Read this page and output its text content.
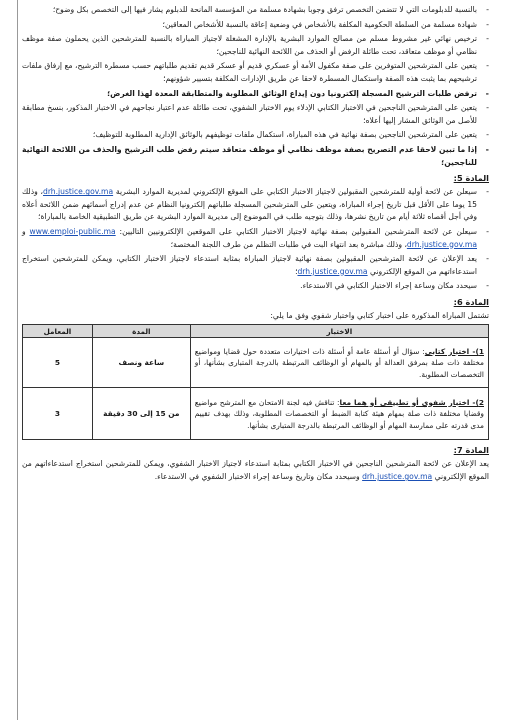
-
بالنسبة للدبلومات التي لا تتضمن التخصص ترفق وجوبا بشهادة مسلمة من المؤسسة المانحة للدبلوم يشار فيها إلى التخصص بكل وضوح؛
-
شهادة مسلمة من السلطة الحكومية المكلفة بالأشخاص في وضعية إعاقة بالنسبة للأشخاص المعاقين؛
-
ترخيص نهائي غير مشروط مسلم من مصالح الموارد البشرية بالإدارة المشغلة لاجتياز المباراة بالنسبة للمترشحين الذين يحملون صفة موظف نظامي أو موظف متعاقد، تحت طائلة الرفض أو الحذف من اللائحة النهائية للناجحين؛
-
يتعين على المترشحين المتوفرين على صفة مكفول الأمة أو عسكري قديم أو عسكر قديم تقديم طلباتهم حسب مسطرة الترشيح، مع إرفاق ملفات ترشيحهم بما يثبت هذه الصفة واستكمال المسطرة لاحقا عن طريق الإدارات المكلفة بتسيير شؤونهم؛
-
ترفض طلبات الترشيح المسجلة إلكترونيا دون إيداع الوثائق المطلوبة والمتطابقة المعدة لهذا الغرض؛
-
يتعين على المترشحين الناجحين في الاختبار الكتابي الإدلاء يوم الاختبار الشفوي، تحت طائلة عدم اعتبار نجاحهم في الاختبار المذكور، بنسخ مطابقة للأصل من الوثائق المشار إليها أعلاه؛
-
يتعين على المترشحين الناجحين بصفة نهائية في هذه المباراة، استكمال ملفات توظيفهم بالوثائق الإدارية المطلوبة للتوظيف؛
-
إذا ما تبين لاحقا عدم التصريح بصفة موظف نظامي أو موظف متعاقد سيتم رفض طلب الترشيح والحذف من اللائحة النهائية للناجحين؛
المادة 5:
-
سيعلن عن لائحة أولية للمترشحين المقبولين لاجتياز الاختبار الكتابي على الموقع الإلكتروني لمديرية الموارد البشرية drh.justice.gov.ma، وذلك 15 يوما على الأقل قبل تاريخ إجراء المباراة، ويتعين على المترشحين المسجلة طلباتهم إلكترونيا النظام عن عدم إدراج أسمائهم ضمن اللائحة أعلاه وفي أجل أقصاه ثلاثة أيام من تاريخ نشرها، وذلك بتوجيه طلب في الموضوع إلى مديرية الموارد البشرية عن طريق التطبيقية الخاصة بالمباراة؛
-
سيعلن عن لائحة المترشحين المقبولين بصفة نهائية لاجتياز الاختبار الكتابي على الموقعين الإلكترونيين التاليين: www.emploi-public.ma و drh.justice.gov.ma، وذلك مباشرة بعد انتهاء البت في طلبات التظلم من طرف اللجنة المختصة؛
-
يعد الإعلان عن لائحة المترشحين المقبولين بصفة نهائية لاجتياز المباراة بمثابة استدعاء لاجتياز الاختبار الكتابي، ويمكن للمترشحين استخراج استدعاءاتهم من الموقع الإلكتروني drh.justice.gov.ma؛
-
سيحدد مكان وساعة إجراء الاختبار الكتابي في الاستدعاء.
المادة 6:
تشتمل المباراة المذكورة على اختبار كتابي واختبار شفوي وفق ما يلي:
الاختبار	المدة	المعامل
1)- اختبار كتابي: سؤال أو أسئلة عامة أو أسئلة ذات اختيارات متعددة حول قضايا ومواضيع مختلفة ذات صلة بمرفق العدالة أو بالمهام أو الوظائف المرتبطة بالدرجة المتبارى بشأنها، أو التخصصات المطلوبة.	ساعة ونصف	5
2)- اختبار شفوي أو تطبيقي أو هما معا: تناقش فيه لجنة الامتحان مع المترشح مواضيع وقضايا مختلفة ذات صلة بمهام هيئة كتابة الضبط أو التخصصات المطلوبة، وذلك بهدف تقييم مدى قدرته على ممارسة المهام أو الوظائف المرتبطة بالدرجة المتبارى بشأنها.	من 15 إلى 30 دقيقة	3
المادة 7:
يعد الإعلان عن لائحة المترشحين الناجحين في الاختبار الكتابي بمثابة استدعاء لاجتياز الاختبار الشفوي، ويمكن للمترشحين استخراج استدعاءاتهم من الموقع الإلكتروني drh.justice.gov.ma وسيحدد مكان وتاريخ وساعة إجراء الاختبار الشفوي في الاستدعاء.
